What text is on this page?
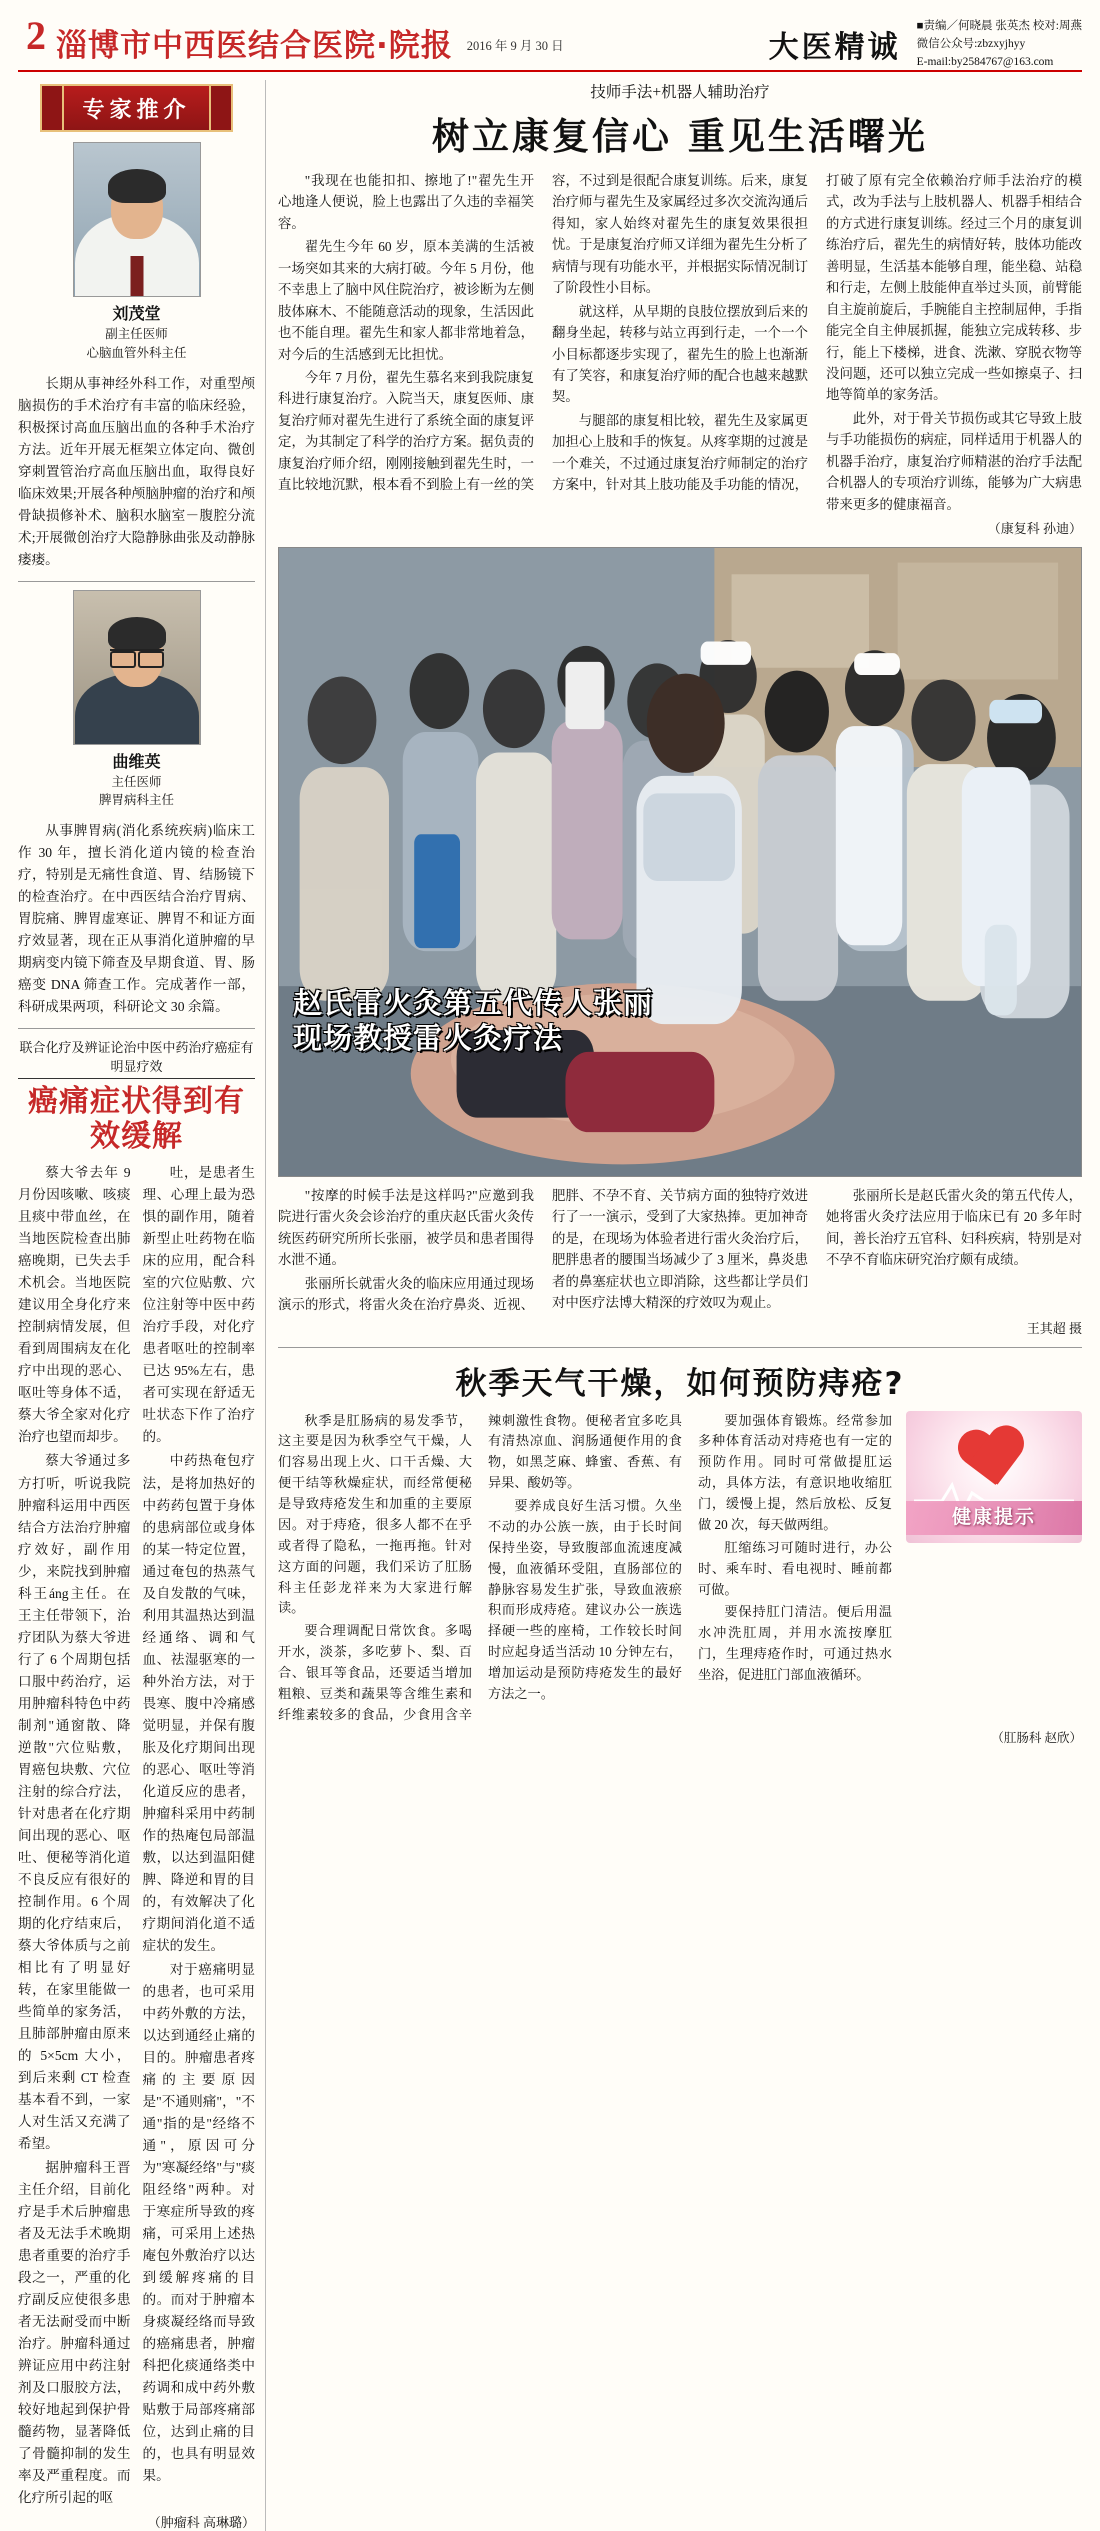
2 淄博市中西医结合医院·院报	2016 年 9 月 30 日	大医精诚
■责编／何晓晨 张英杰 校对:周燕
微信公众号:zbzxyjhyy
E-mail:by2584767@163.com
专家推介
刘茂堂
副主任医师
心脑血管外科主任

长期从事神经外科工作，对重型颅脑损伤的手术治疗有丰富的临床经验，积极探讨高血压脑出血的各种手术治疗方法。近年开展无框架立体定向、微创穿刺置管治疗高血压脑出血，取得良好临床效果;开展各种颅脑肿瘤的治疗和颅骨缺损修补术、脑积水脑室－腹腔分流术;开展微创治疗大隐静脉曲张及动静脉瘘瘘。

曲维英
主任医师
脾胃病科主任

从事脾胃病(消化系统疾病)临床工作 30 年，擅长消化道内镜的检查治疗，特别是无痛性食道、胃、结肠镜下的检查治疗。在中西医结合治疗胃病、胃脘痛、脾胃虚寒证、脾胃不和证方面疗效显著，现在正从事消化道肿瘤的早期病变内镜下筛查及早期食道、胃、肠癌变 DNA 筛查工作。完成著作一部，科研成果两项，科研论文 30 余篇。

联合化疗及辨证论治中医中药治疗癌症有明显疗效
癌痛症状得到有效缓解

蔡大爷去年 9 月份因咳嗽、咳痰且痰中带血丝，在当地医院检查出肺癌晚期，已失去手术机会。当地医院建议用全身化疗来控制病情发展，但看到周围病友在化疗中出现的恶心、呕吐等身体不适，蔡大爷全家对化疗治疗也望而却步。

蔡大爷通过多方打听，听说我院肿瘤科运用中西医结合方法治疗肿瘤疗效好，副作用少，来院找到肿瘤科王áng主任。在王主任带领下，治疗团队为蔡大爷进行了 6 个周期包括口服中药治疗，运用肿瘤科特色中药制剂"通窗散、降逆散"穴位贴敷，胃癌包块敷、穴位注射的综合疗法，针对患者在化疗期间出现的恶心、呕吐、便秘等消化道不良反应有很好的控制作用。6 个周期的化疗结束后，蔡大爷体质与之前相比有了明显好转，在家里能做一些简单的家务活，且肺部肿瘤由原来的 5×5cm 大小，到后来剩 CT 检查基本看不到，一家人对生活又充满了希望。

据肿瘤科王晋主任介绍，目前化疗是手术后肿瘤患者及无法手术晚期患者重要的治疗手段之一，严重的化疗副反应使很多患者无法耐受而中断治疗。肿瘤科通过辨证应用中药注射剂及口服胶方法，较好地起到保护骨髓药物，显著降低了骨髓抑制的发生率及严重程度。而化疗所引起的呕

吐，是患者生理、心理上最为恐惧的副作用，随着新型止吐药物在临床的应用，配合科室的穴位贴敷、穴位注射等中医中药治疗手段，对化疗患者呕吐的控制率已达 95%左右，患者可实现在舒适无吐状态下作了治疗的。

中药热奄包疗法，是将加热好的中药药包置于身体的患病部位或身体的某一特定位置，通过奄包的热蒸气及自发散的气味，利用其温热达到温经通络、调和气血、祛湿驱寒的一种外治方法，对于畏寒、腹中冷痛感觉明显，并保有腹胀及化疗期间出现的恶心、呕吐等消化道反应的患者，肿瘤科采用中药制作的热庵包局部温敷，以达到温阳健脾、降逆和胃的目的，有效解决了化疗期间消化道不适症状的发生。

对于癌痛明显的患者，也可采用中药外敷的方法，以达到通经止痛的目的。肿瘤患者疼痛的主要原因是"不通则痛"，"不通"指的是"经络不通"，原因可分为"寒凝经络"与"痰阻经络"两种。对于寒症所导致的疼痛，可采用上述热庵包外敷治疗以达到缓解疼痛的目的。而对于肿瘤本身痰凝经络而导致的癌痛患者，肿瘤科把化痰通络类中药调和成中药外敷贴敷于局部疼痛部位，达到止痛的目的，也具有明显效果。

（肿瘤科 高琳璐）
技师手法+机器人辅助治疗
树立康复信心 重见生活曙光

"我现在也能扣扣、擦地了!"翟先生开心地逢人便说，脸上也露出了久违的幸福笑容。

翟先生今年 60 岁，原本美满的生活被一场突如其来的大病打破。今年 5 月份，他不幸患上了脑中风住院治疗，被诊断为左侧肢体麻木、不能随意活动的现象，生活因此也不能自理。翟先生和家人都非常地着急，对今后的生活感到无比担忧。

今年 7 月份，翟先生慕名来到我院康复科进行康复治疗。入院当天，康复医师、康复治疗师对翟先生进行了系统全面的康复评定，为其制定了科学的治疗方案。据负责的康复治疗师介绍，刚刚接触到翟先生时，一直比较地沉默，根本看不到脸上有一丝的笑容，不过到是很配合康复训练。后来，康复治疗师与翟先生及家属经过多次交流沟通后得知，家人始终对翟先生的康复效果很担忧。于是康复治疗师又详细为翟先生分析了病情与现有功能水平，并根据实际情况制订了阶段性小目标。

就这样，从早期的良肢位摆放到后来的翻身坐起，转移与站立再到行走，一个一个小目标都逐步实现了，翟先生的脸上也渐渐有了笑容，和康复治疗师的配合也越来越默契。

与腿部的康复相比较，翟先生及家属更加担心上肢和手的恢复。从疼挛期的过渡是一个难关，不过通过康复治疗师制定的治疗方案中，针对其上肢功能及手功能的情况，打破了原有完全依赖治疗师手法治疗的模式，改为手法与上肢机器人、机器手相结合的方式进行康复训练。经过三个月的康复训练治疗后，翟先生的病情好转，肢体功能改善明显，生活基本能够自理，能坐稳、站稳和行走，左侧上肢能伸直举过头顶，前臂能自主旋前旋后，手腕能自主控制屈伸，手指能完全自主伸展抓握，能独立完成转移、步行，能上下楼梯，进食、洗漱、穿脱衣物等没问题，还可以独立完成一些如擦桌子、扫地等简单的家务活。

此外，对于骨关节损伤或其它导致上肢与手功能损伤的病症，同样适用于机器人的机器手治疗，康复治疗师精湛的治疗手法配合机器人的专项治疗训练，能够为广大病患带来更多的健康福音。

（康复科 孙迪）
赵氏雷火灸第五代传人张丽
现场教授雷火灸疗法

"按摩的时候手法是这样吗?"应邀到我院进行雷火灸会诊治疗的重庆赵氏雷火灸传统医药研究所所长张丽，被学员和患者围得水泄不通。

张丽所长就雷火灸的临床应用通过现场演示的形式，将雷火灸在治疗鼻炎、近视、肥胖、不孕不育、关节病方面的独特疗效进行了一一演示，受到了大家热捧。更加神奇的是，在现场为体验者进行雷火灸治疗后，肥胖患者的腰围当场减少了 3 厘米，鼻炎患者的鼻塞症状也立即消除，这些都让学员们对中医疗法博大精深的疗效叹为观止。

张丽所长是赵氏雷火灸的第五代传人，她将雷火灸疗法应用于临床已有 20 多年时间，善长治疗五官科、妇科疾病，特别是对不孕不育临床研究治疗颇有成绩。

王其超 摄
秋季天气干燥，如何预防痔疮?

秋季是肛肠病的易发季节，这主要是因为秋季空气干燥，人们容易出现上火、口干舌燥、大便干结等秋燥症状，而经常便秘是导致痔疮发生和加重的主要原因。对于痔疮，很多人都不在乎或者得了隐私，一拖再拖。针对这方面的问题，我们采访了肛肠科主任彭龙祥来为大家进行解读。

要合理调配日常饮食。多喝开水，淡茶，多吃萝卜、梨、百合、银耳等食品，还要适当增加粗粮、豆类和蔬果等含维生素和纤维素较多的食品，少食用含辛辣刺激性食物。便秘者宜多吃具有清热凉血、润肠通便作用的食物，如黑芝麻、蜂蜜、香蕉、有异果、酸奶等。

要养成良好生活习惯。久坐不动的办公族一族，由于长时间保持坐姿，导致腹部血流速度减慢，血液循环受阻，直肠部位的静脉容易发生扩张，导致血液瘀积而形成痔疮。建议办公一族选择硬一些的座椅，工作较长时间时应起身适当活动 10 分钟左右，增加运动是预防痔疮发生的最好方法之一。

要加强体育锻炼。经常参加多种体育活动对痔疮也有一定的预防作用。同时可常做提肛运动，具体方法，有意识地收缩肛门，缓慢上提，然后放松、反复做 20 次，每天做两组。

肛缩练习可随时进行，办公时、乘车时、看电视时、睡前都可做。

要保持肛门清洁。便后用温水冲洗肛周，并用水流按摩肛门，生理痔疮作时，可通过热水坐浴，促进肛门部血液循环。

健康提示
（肛肠科 赵欣）
